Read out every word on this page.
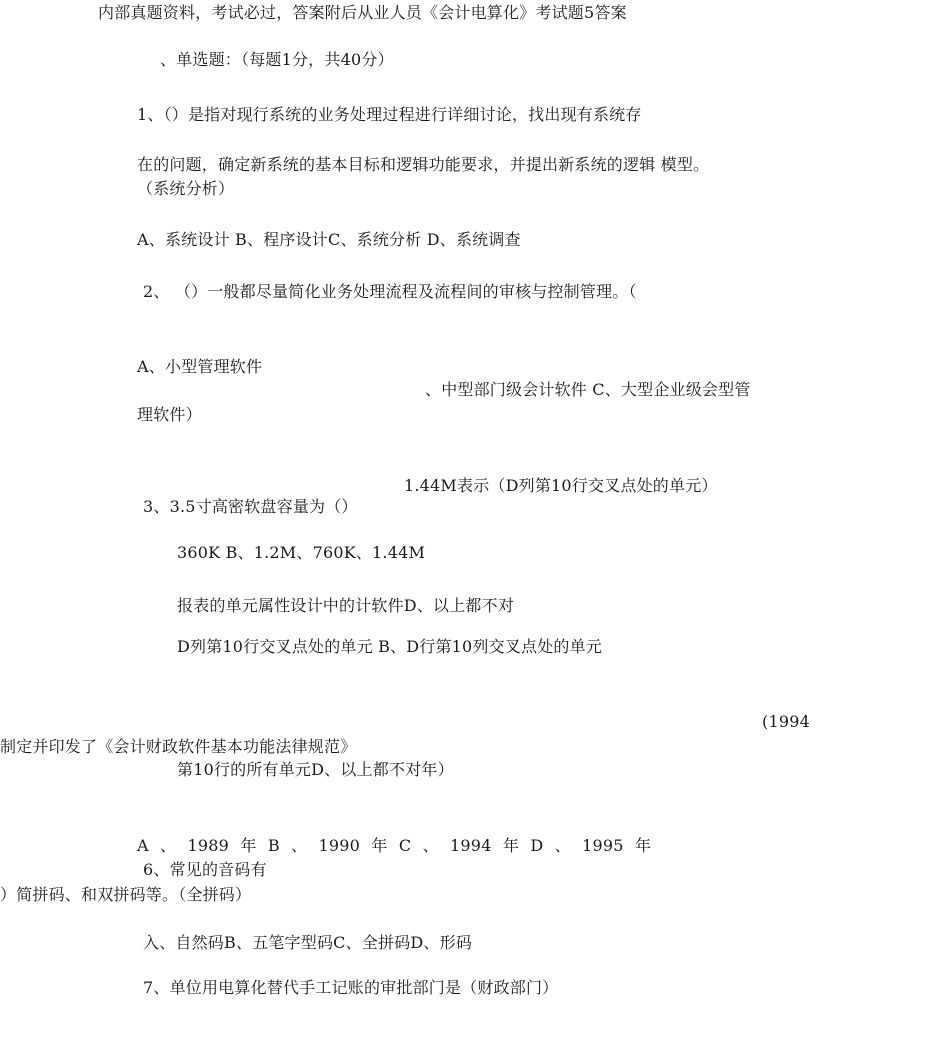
内部真题资料，考试必过，答案附后从业人员《会计电算化》考试题5答案
、单选题：（每题1分，共40分）
1、（）是指对现行系统的业务处理过程进行详细讨论，找出现有系统存
在的问题，确定新系统的基本目标和逻辑功能要求，并提出新系统的逻辑 模型。
（系统分析）
A、系统设计 B、程序设计C、系统分析 D、系统调查
2、 （）一般都尽量简化业务处理流程及流程间的审核与控制管理。（
A、小型管理软件
、中型部门级会计软件 C、大型企业级会型管
理软件）
1.44M表示（D列第10行交叉点处的单元）
3、3.5寸高密软盘容量为（）
360K B、1.2M、760K、1.44M
报表的单元属性设计中的计软件D、以上都不对
D列第10行交叉点处的单元 B、D行第10列交叉点处的单元
(1994
制定并印发了《会计财政软件基本功能法律规范》
第10行的所有单元D、以上都不对年）
A 、 1989 年 B 、 1990 年 C 、 1994 年 D 、 1995 年
6、常见的音码有
）简拼码、和双拼码等。（全拼码）
入、自然码B、五笔字型码C、全拼码D、形码
7、单位用电算化替代手工记账的审批部门是（财政部门）
